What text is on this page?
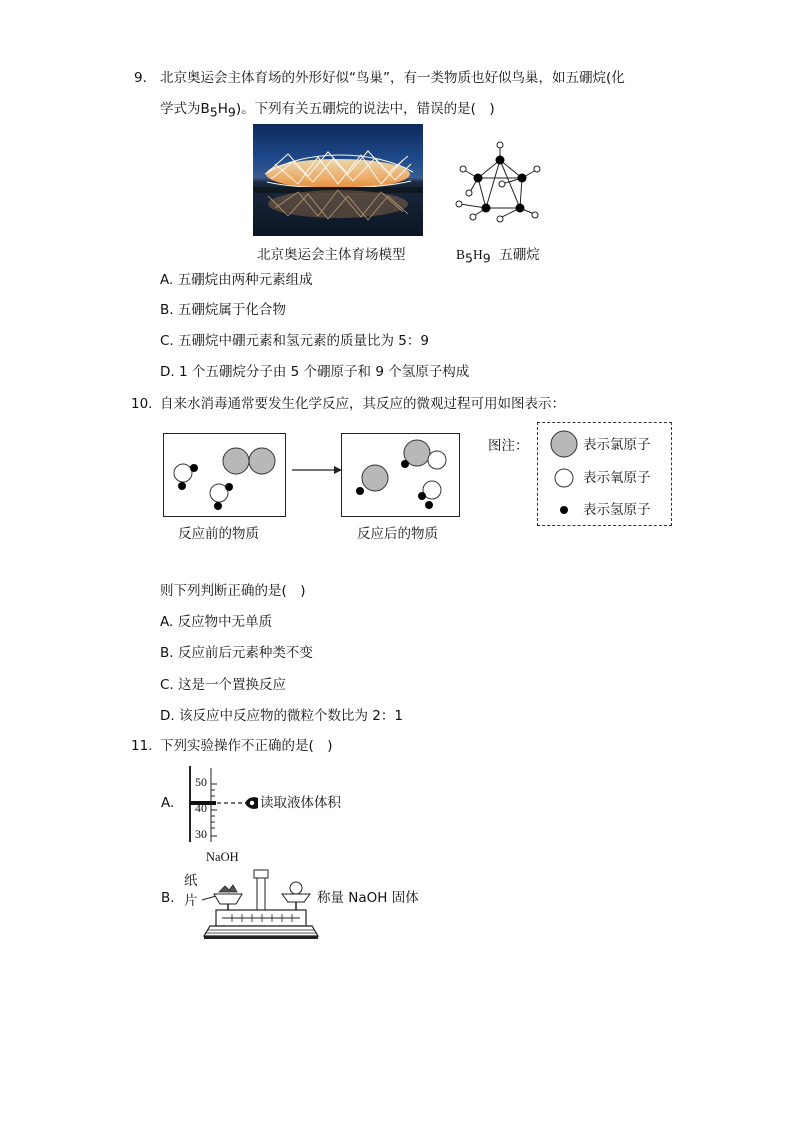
9. 北京奥运会主体育场的外形好似“鸟巢”，有一类物质也好似鸟巢，如五硼烷(化
学式为$B_5H_9$)。下列有关五硼烷的说法中，错误的是(　)
北京奥运会主体育场模型	$B_5H_9$ 五硼烷
A. 五硼烷由两种元素组成
B. 五硼烷属于化合物
C. 五硼烷中硼元素和氢元素的质量比为 5：9
D. 1 个五硼烷分子由 5 个硼原子和 9 个氢原子构成
10. 自来水消毒通常要发生化学反应，其反应的微观过程可用如图表示：
反应前的物质	反应后的物质
图注：	表示氯原子
表示氧原子
表示氢原子
则下列判断正确的是(　)
A. 反应物中无单质
B. 反应前后元素种类不变
C. 这是一个置换反应
D. 该反应中反应物的微粒个数比为 2：1
11. 下列实验操作不正确的是(　)
A.
50
40
30
读取液体体积
B.
NaOH
纸
片	称量 NaOH 固体
